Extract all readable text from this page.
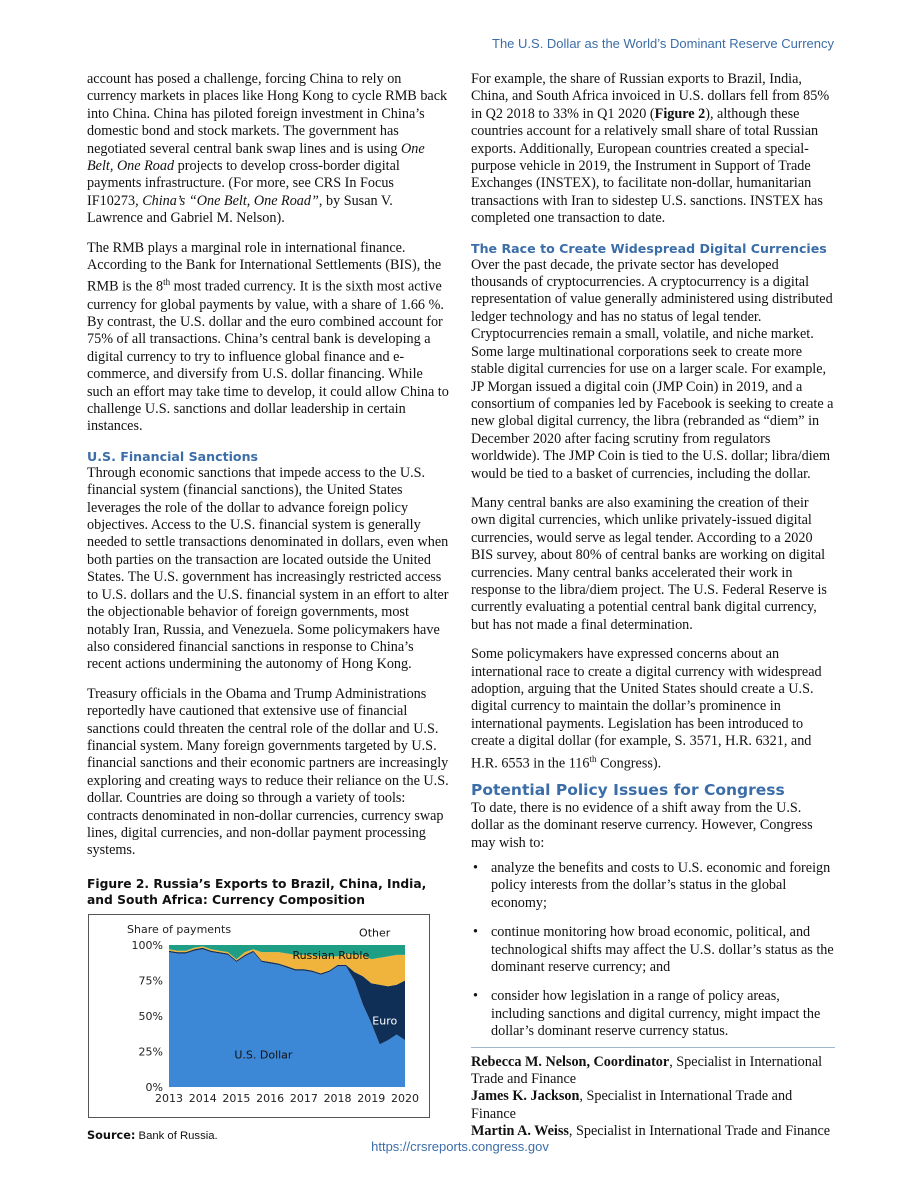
The U.S. Dollar as the World’s Dominant Reserve Currency

account has posed a challenge, forcing China to rely on currency markets in places like Hong Kong to cycle RMB back into China. China has piloted foreign investment in China’s domestic bond and stock markets. The government has negotiated several central bank swap lines and is using One Belt, One Road projects to develop cross-border digital payments infrastructure. (For more, see CRS In Focus IF10273, China’s “One Belt, One Road”, by Susan V. Lawrence and Gabriel M. Nelson).

The RMB plays a marginal role in international finance. According to the Bank for International Settlements (BIS), the RMB is the 8th most traded currency. It is the sixth most active currency for global payments by value, with a share of 1.66 %. By contrast, the U.S. dollar and the euro combined account for 75% of all transactions. China’s central bank is developing a digital currency to try to influence global finance and e-commerce, and diversify from U.S. dollar financing. While such an effort may take time to develop, it could allow China to challenge U.S. sanctions and dollar leadership in certain instances.

U.S. Financial Sanctions

Through economic sanctions that impede access to the U.S. financial system (financial sanctions), the United States leverages the role of the dollar to advance foreign policy objectives. Access to the U.S. financial system is generally needed to settle transactions denominated in dollars, even when both parties on the transaction are located outside the United States. The U.S. government has increasingly restricted access to U.S. dollars and the U.S. financial system in an effort to alter the objectionable behavior of foreign governments, most notably Iran, Russia, and Venezuela. Some policymakers have also considered financial sanctions in response to China’s recent actions undermining the autonomy of Hong Kong.

Treasury officials in the Obama and Trump Administrations reportedly have cautioned that extensive use of financial sanctions could threaten the central role of the dollar and U.S. financial system. Many foreign governments targeted by U.S. financial sanctions and their economic partners are increasingly exploring and creating ways to reduce their reliance on the U.S. dollar. Countries are doing so through a variety of tools: contracts denominated in non-dollar currencies, currency swap lines, digital currencies, and non-dollar payment processing systems.

Figure 2. Russia’s Exports to Brazil, China, India, and South Africa: Currency Composition
0%
25%
50%
75%
100%
2013 2014 2015 2016 2017 2018 2019 2020
Share of payments
U.S. Dollar
Euro
Russian Ruble
Other
Source: Bank of Russia.

For example, the share of Russian exports to Brazil, India, China, and South Africa invoiced in U.S. dollars fell from 85% in Q2 2018 to 33% in Q1 2020 (Figure 2), although these countries account for a relatively small share of total Russian exports. Additionally, European countries created a special-purpose vehicle in 2019, the Instrument in Support of Trade Exchanges (INSTEX), to facilitate non-dollar, humanitarian transactions with Iran to sidestep U.S. sanctions. INSTEX has completed one transaction to date.

The Race to Create Widespread Digital Currencies

Over the past decade, the private sector has developed thousands of cryptocurrencies. A cryptocurrency is a digital representation of value generally administered using distributed ledger technology and has no status of legal tender. Cryptocurrencies remain a small, volatile, and niche market. Some large multinational corporations seek to create more stable digital currencies for use on a larger scale. For example, JP Morgan issued a digital coin (JMP Coin) in 2019, and a consortium of companies led by Facebook is seeking to create a new global digital currency, the libra (rebranded as “diem” in December 2020 after facing scrutiny from regulators worldwide). The JMP Coin is tied to the U.S. dollar; libra/diem would be tied to a basket of currencies, including the dollar.

Many central banks are also examining the creation of their own digital currencies, which unlike privately-issued digital currencies, would serve as legal tender. According to a 2020 BIS survey, about 80% of central banks are working on digital currencies. Many central banks accelerated their work in response to the libra/diem project. The U.S. Federal Reserve is currently evaluating a potential central bank digital currency, but has not made a final determination.

Some policymakers have expressed concerns about an international race to create a digital currency with widespread adoption, arguing that the United States should create a U.S. digital currency to maintain the dollar’s prominence in international payments. Legislation has been introduced to create a digital dollar (for example, S. 3571, H.R. 6321, and H.R. 6553 in the 116th Congress).

Potential Policy Issues for Congress

To date, there is no evidence of a shift away from the U.S. dollar as the dominant reserve currency. However, Congress may wish to:

• analyze the benefits and costs to U.S. economic and foreign policy interests from the dollar’s status in the global economy;
• continue monitoring how broad economic, political, and technological shifts may affect the U.S. dollar’s status as the dominant reserve currency; and
• consider how legislation in a range of policy areas, including sanctions and digital currency, might impact the dollar’s dominant reserve currency status.

Rebecca M. Nelson, Coordinator, Specialist in International Trade and Finance

James K. Jackson, Specialist in International Trade and Finance

Martin A. Weiss, Specialist in International Trade and Finance

https://crsreports.congress.gov
